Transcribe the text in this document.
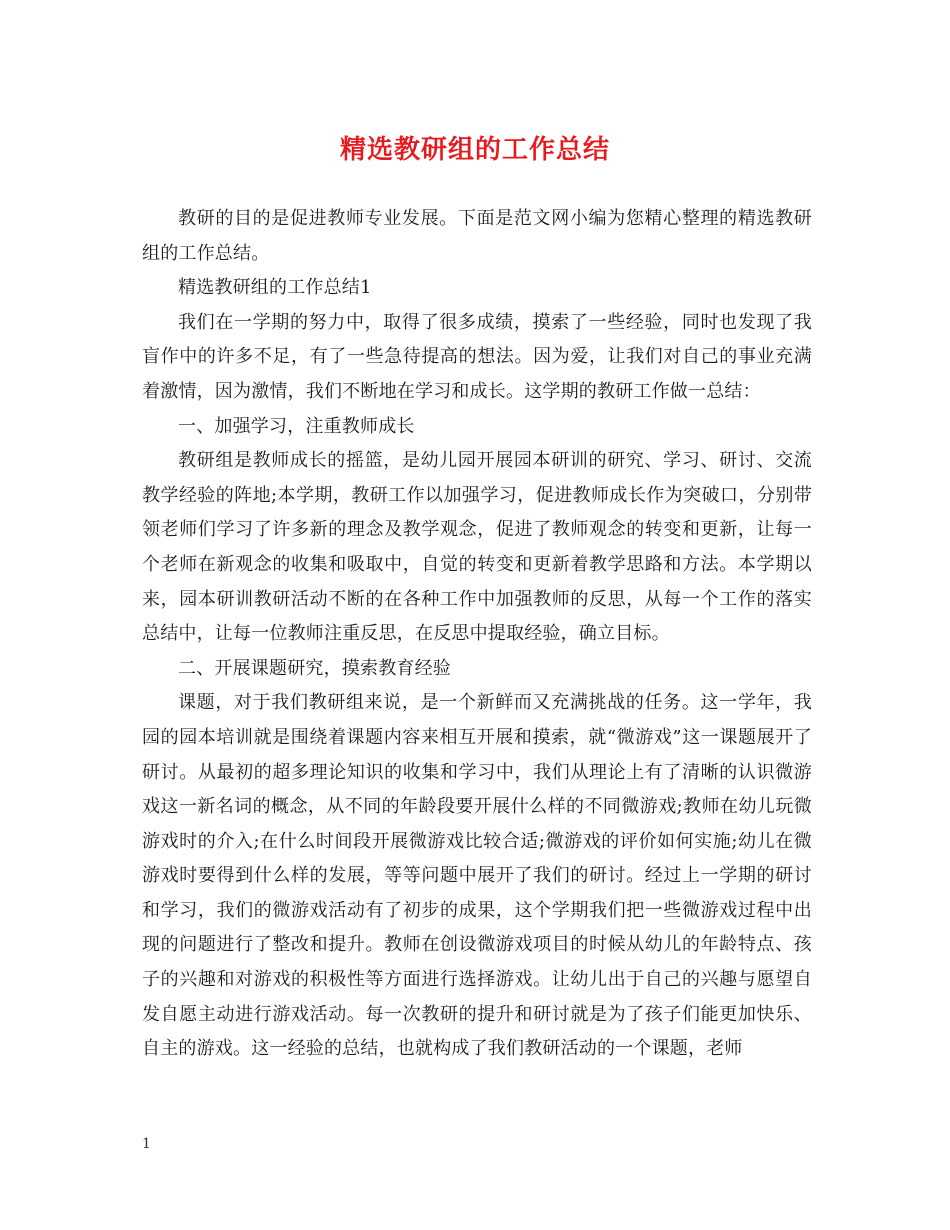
精选教研组的工作总结

教研的目的是促进教师专业发展。下面是范文网小编为您精心整理的精选教研组的工作总结。

精选教研组的工作总结1

我们在一学期的努力中，取得了很多成绩，摸索了一些经验，同时也发现了我盲作中的许多不足，有了一些急待提高的想法。因为爱，让我们对自己的事业充满着激情，因为激情，我们不断地在学习和成长。这学期的教研工作做一总结：

一、加强学习，注重教师成长

教研组是教师成长的摇篮，是幼儿园开展园本研训的研究、学习、研讨、交流教学经验的阵地;本学期，教研工作以加强学习，促进教师成长作为突破口，分别带领老师们学习了许多新的理念及教学观念，促进了教师观念的转变和更新，让每一个老师在新观念的收集和吸取中，自觉的转变和更新着教学思路和方法。本学期以来，园本研训教研活动不断的在各种工作中加强教师的反思，从每一个工作的落实总结中，让每一位教师注重反思，在反思中提取经验，确立目标。

二、开展课题研究，摸索教育经验

课题，对于我们教研组来说，是一个新鲜而又充满挑战的任务。这一学年，我园的园本培训就是围绕着课题内容来相互开展和摸索，就“微游戏”这一课题展开了研讨。从最初的超多理论知识的收集和学习中，我们从理论上有了清晰的认识微游戏这一新名词的概念，从不同的年龄段要开展什么样的不同微游戏;教师在幼儿玩微游戏时的介入;在什么时间段开展微游戏比较合适;微游戏的评价如何实施;幼儿在微游戏时要得到什么样的发展，等等问题中展开了我们的研讨。经过上一学期的研讨和学习，我们的微游戏活动有了初步的成果，这个学期我们把一些微游戏过程中出现的问题进行了整改和提升。教师在创设微游戏项目的时候从幼儿的年龄特点、孩子的兴趣和对游戏的积极性等方面进行选择游戏。让幼儿出于自己的兴趣与愿望自发自愿主动进行游戏活动。每一次教研的提升和研讨就是为了孩子们能更加快乐、自主的游戏。这一经验的总结，也就构成了我们教研活动的一个课题，老师

1
